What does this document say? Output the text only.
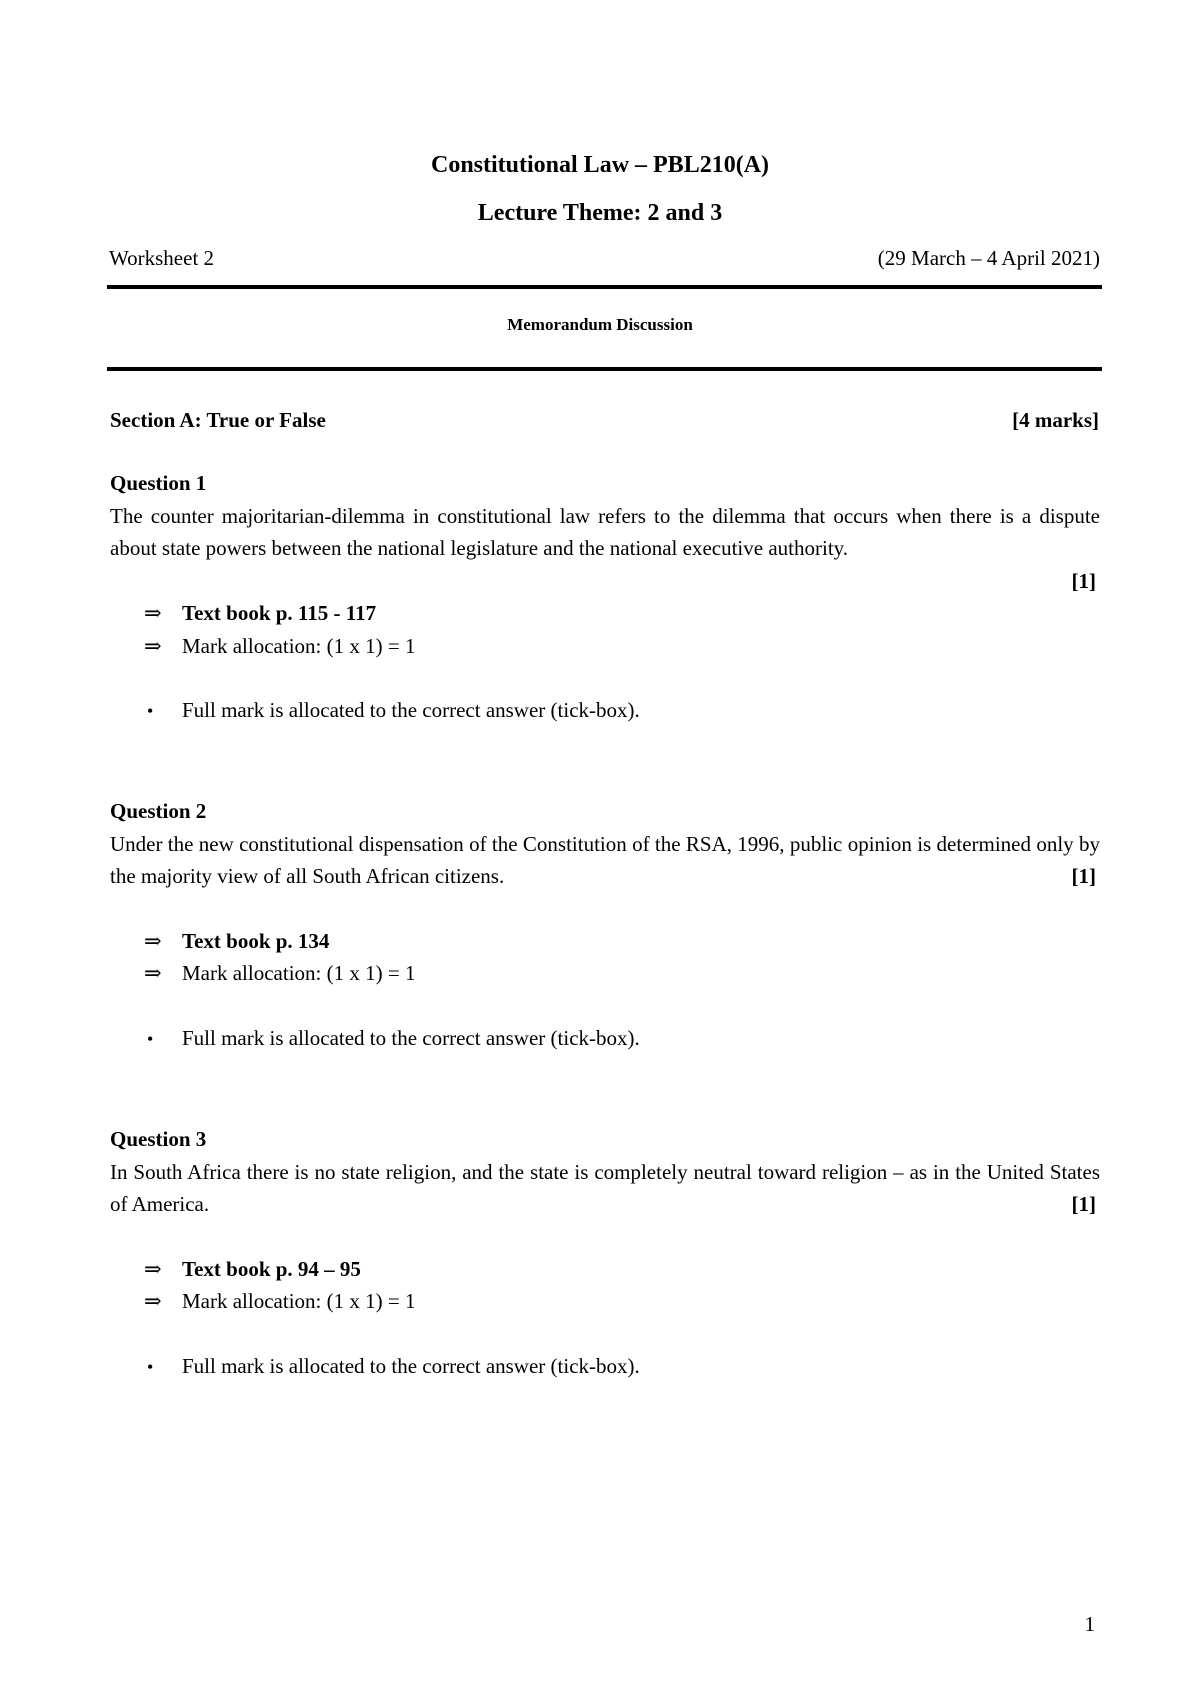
Constitutional Law – PBL210(A)
Lecture Theme: 2 and 3
Worksheet 2	(29 March – 4 April 2021)
Memorandum Discussion
Section A: True or False	[4 marks]

Question 1

The counter majoritarian-dilemma in constitutional law refers to the dilemma that occurs when there is a dispute about state powers between the national legislature and the national executive authority.

[1]

⇒ Text book p. 115 - 117

⇒ Mark allocation: (1 x 1) = 1

•	Full mark is allocated to the correct answer (tick-box).

Question 2

Under the new constitutional dispensation of the Constitution of the RSA, 1996, public opinion is determined only by the majority view of all South African citizens.	[1]

⇒ Text book p. 134

⇒ Mark allocation: (1 x 1) = 1

•	Full mark is allocated to the correct answer (tick-box).

Question 3

In South Africa there is no state religion, and the state is completely neutral toward religion – as in the United States of America.	[1]

⇒ Text book p. 94 – 95

⇒ Mark allocation: (1 x 1) = 1

•	Full mark is allocated to the correct answer (tick-box).

1
